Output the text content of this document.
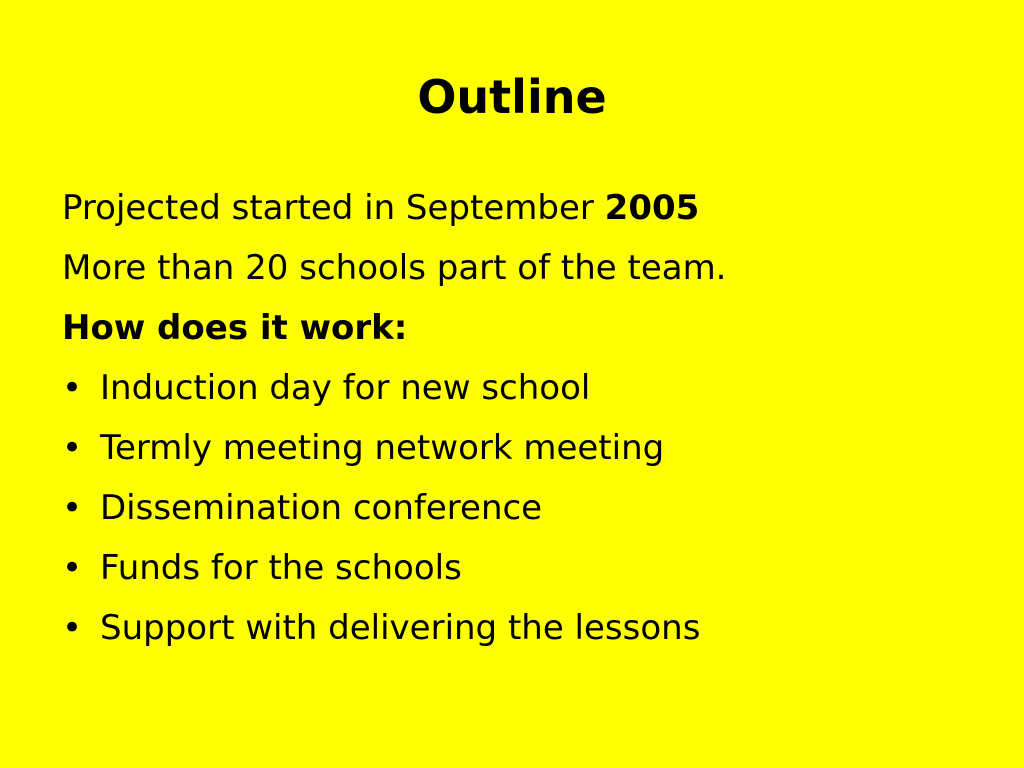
Outline
Projected started in September 2005
More than 20 schools part of the team.
How does it work:
• Induction day for new school
• Termly meeting network meeting
• Dissemination conference
• Funds for the schools
• Support with delivering the lessons
